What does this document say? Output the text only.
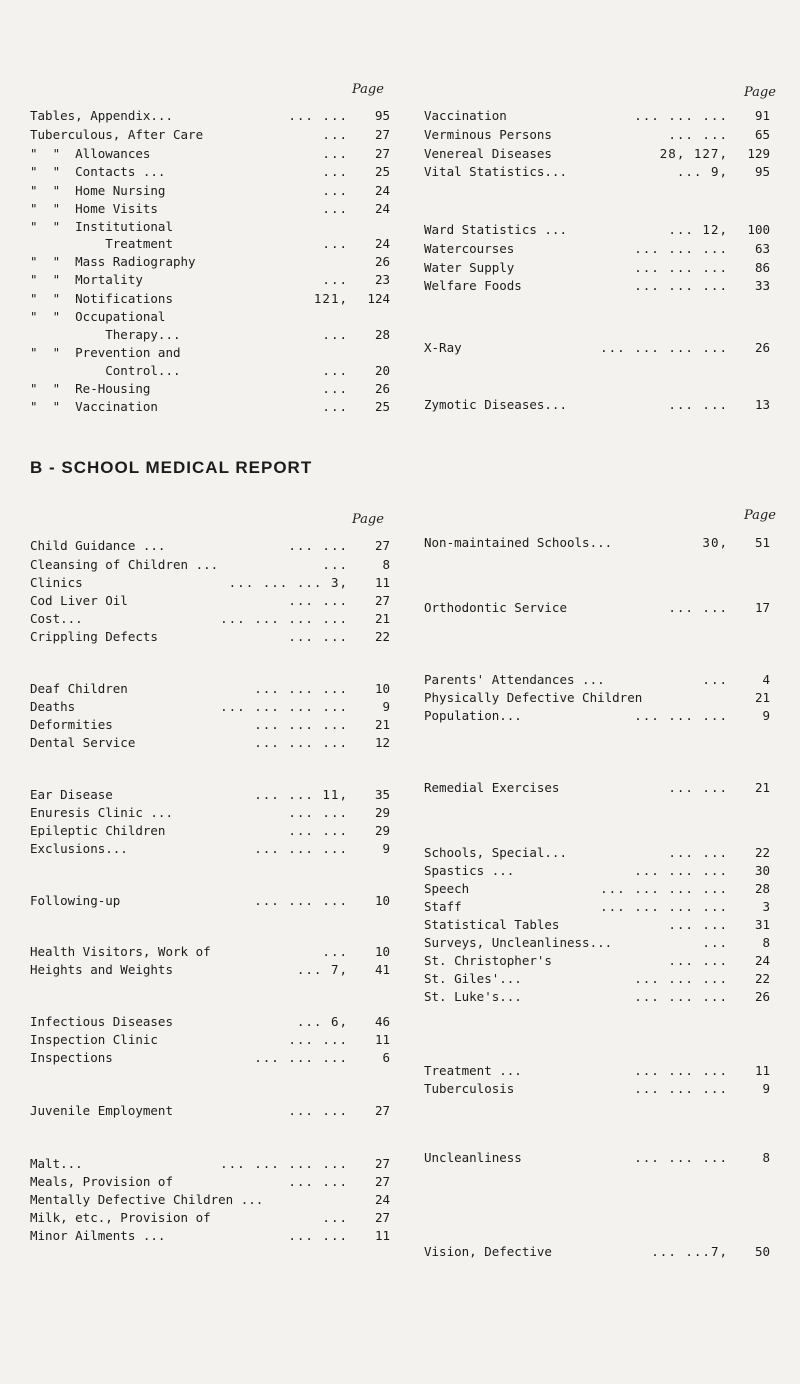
Page	Page
Tables, Appendix...	... ... 95
Tuberculous, After Care	... 27
"  "  Allowances	... 27
"  "  Contacts ...	... 25
"  "  Home Nursing	... 24
"  "  Home Visits	... 24
"  "  Institutional
Treatment	... 24
"  "  Mass Radiography	26
"  "  Mortality	... 23
"  "  Notifications	121, 124
"  "  Occupational
Therapy...	... 28
"  "  Prevention and
Control...	... 20
"  "  Re-Housing	... 26
"  "  Vaccination	... 25
Vaccination	... ... ... 91
Verminous Persons	... ... 65
Venereal Diseases	28, 127, 129
Vital Statistics...	... 9, 95
Ward Statistics ...	... 12, 100
Watercourses	... ... ... 63
Water Supply	... ... ... 86
Welfare Foods	... ... ... 33
X-Ray	... ... ... ... 26
Zymotic Diseases...	... ... 13
B - SCHOOL MEDICAL REPORT
Page	Page
Child Guidance ...	... ... 27
Cleansing of Children ...	...	8
Clinics	... ... ... 3, 11
Cod Liver Oil	... ... 27
Cost...	... ... ... ... 21
Crippling Defects	... ... 22
Deaf Children	... ... ... 10
Deaths	... ... ... ...	9
Deformities	... ... ... 21
Dental Service	... ... ... 12
Ear Disease	... ... 11, 35
Enuresis Clinic ...	... ... 29
Epileptic Children	... ... 29
Exclusions...	... ... ...	9
Following-up	... ... ... 10
Health Visitors, Work of	... 10
Heights and Weights	... 7, 41
Infectious Diseases	... 6, 46
Inspection Clinic	... ... 11
Inspections	... ... ...	6
Juvenile Employment	... ... 27
Malt...	... ... ... ... 27
Meals, Provision of	... ... 27
Mentally Defective Children ...	24
Milk, etc., Provision of	... 27
Minor Ailments ...	... ... 11
Non-maintained Schools...	30, 51
Orthodontic Service	... ... 17
Parents' Attendances ...	...	4
Physically Defective Children	21
Population...	... ... ...	9
Remedial Exercises	... ... 21
Schools, Special...	... ... 22
Spastics ...	... ... ... 30
Speech	... ... ... ... 28
Staff	... ... ... ...	3
Statistical Tables	... ... 31
Surveys, Uncleanliness...	...	8
St. Christopher's	... ... 24
St. Giles'...	... ... ... 22
St. Luke's...	... ... ... 26
Treatment ...	... ... ... 11
Tuberculosis	... ... ...	9
Uncleanliness	... ... ...	8
Vision, Defective	... ...7, 50
